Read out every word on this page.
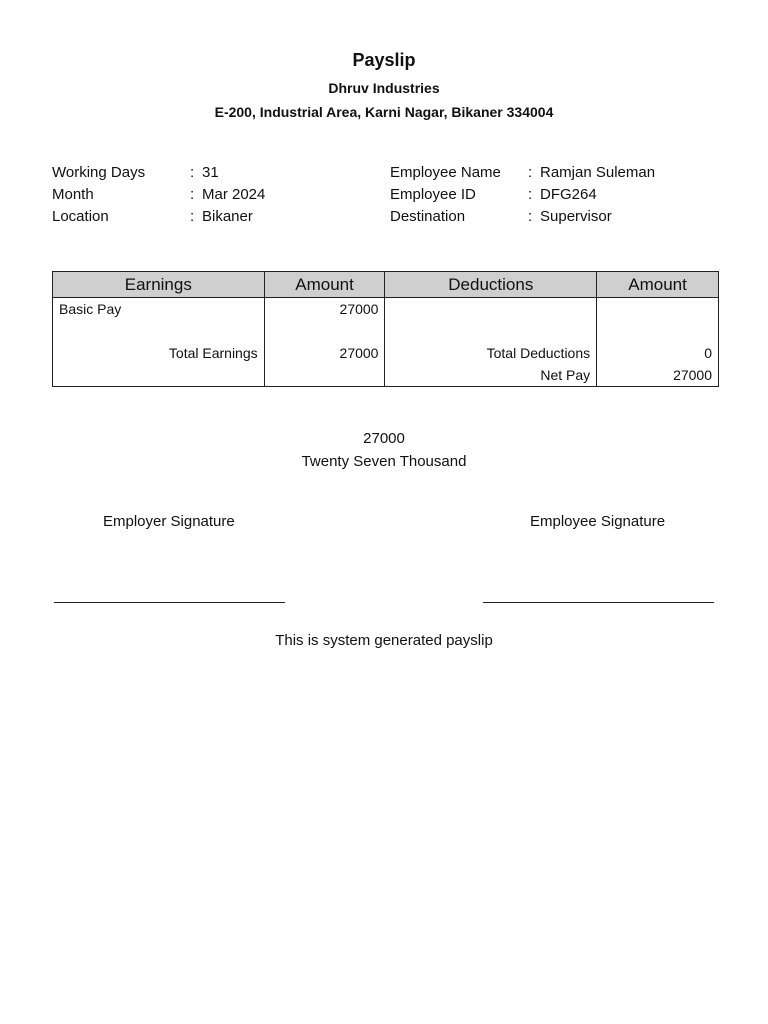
Payslip
Dhruv Industries
E-200, Industrial Area, Karni Nagar, Bikaner 334004
Working Days	: 31
Month	: Mar 2024
Location	: Bikaner
Employee Name : Ramjan Suleman
Employee ID	: DFG264
Destination	: Supervisor
Earnings	Amount	Deductions	Amount
Basic Pay	27000		

Total Earnings	27000	Total Deductions	0
		Net Pay	27000
27000
Twenty Seven Thousand
Employer Signature	Employee Signature
This is system generated payslip
